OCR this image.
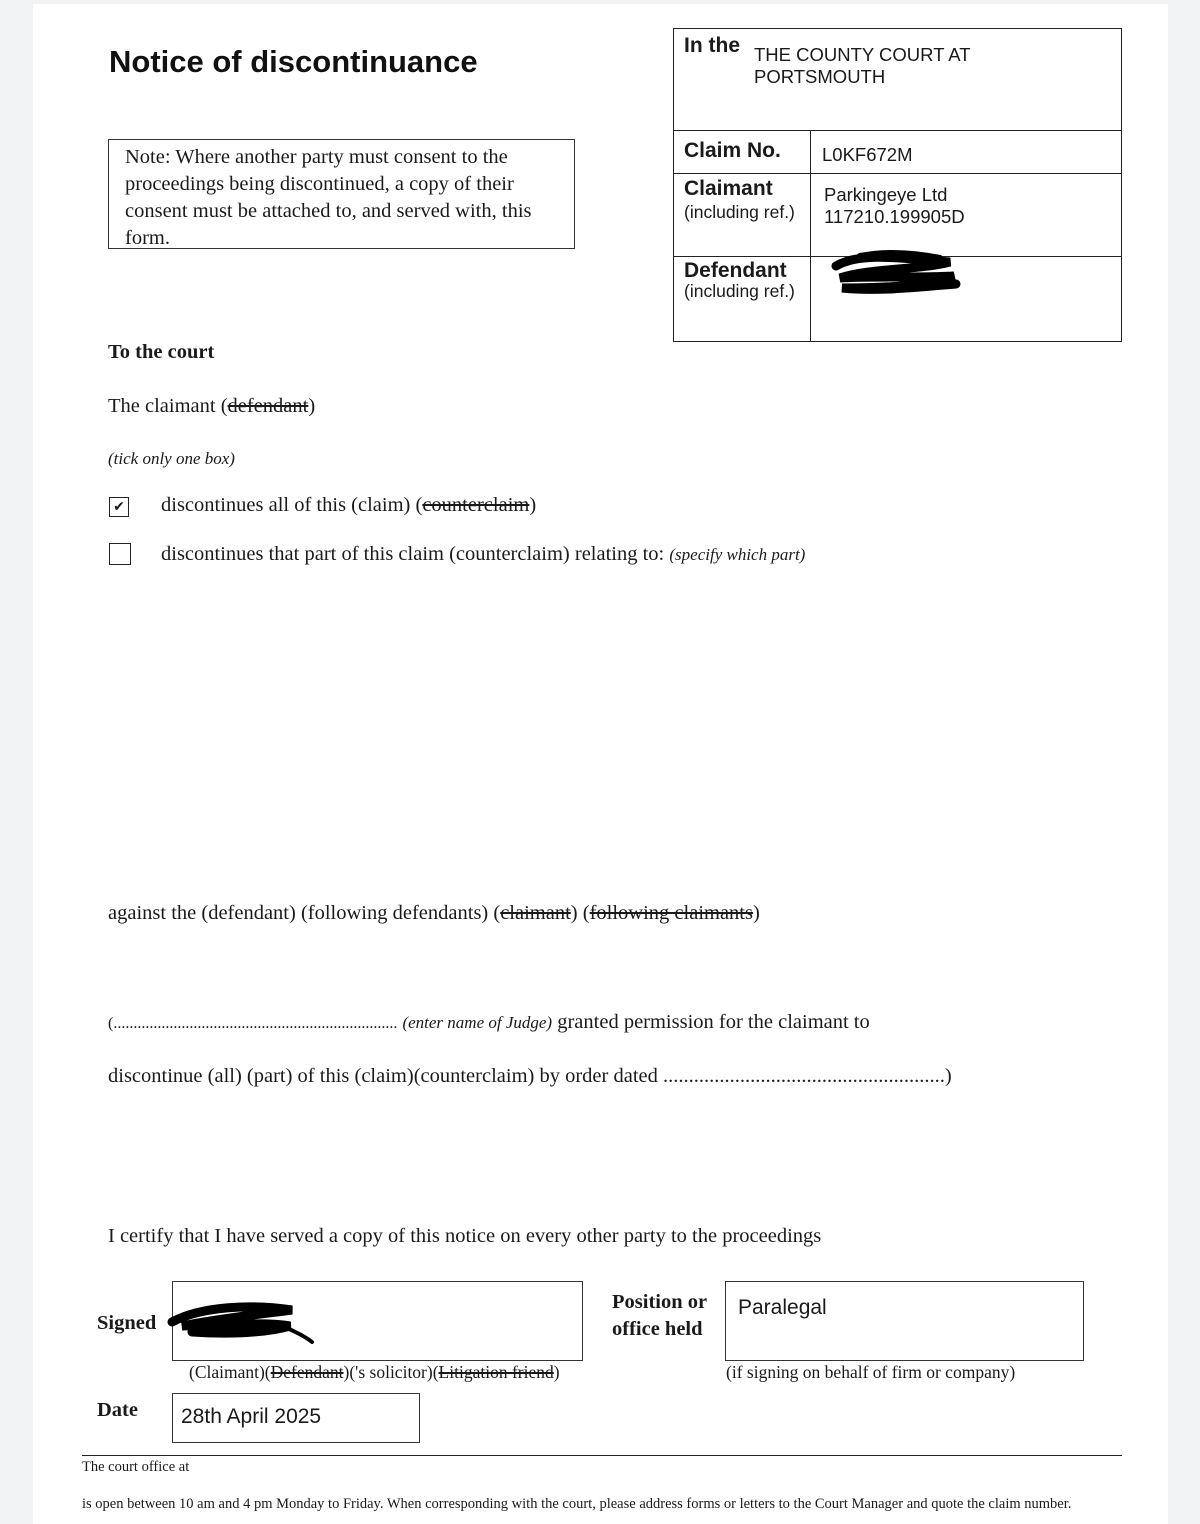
Notice of discontinuance
Note: Where another party must consent to the proceedings being discontinued, a copy of their consent must be attached to, and served with, this form.
In the THE COUNTY COURT AT
PORTSMOUTH
Claim No. L0KF672M
Claimant
(including ref.)
Parkingeye Ltd
117210.199905D
Defendant
(including ref.)
To the court
The claimant (defendant)
(tick only one box)
✔ discontinues all of this (claim) (counterclaim)
discontinues that part of this claim (counterclaim) relating to: (specify which part)
against the (defendant) (following defendants) (claimant) (following claimants)
(....................................................................... (enter name of Judge) granted permission for the claimant to
discontinue (all) (part) of this (claim)(counterclaim) by order dated .......................................................)
I certify that I have served a copy of this notice on every other party to the proceedings
Signed
(Claimant)(Defendant)('s solicitor)(Litigation friend)
Position or
office held
Paralegal
(if signing on behalf of firm or company)
Date	28th April 2025
The court office at
is open between 10 am and 4 pm Monday to Friday. When corresponding with the court, please address forms or letters to the Court Manager and quote the claim number.
